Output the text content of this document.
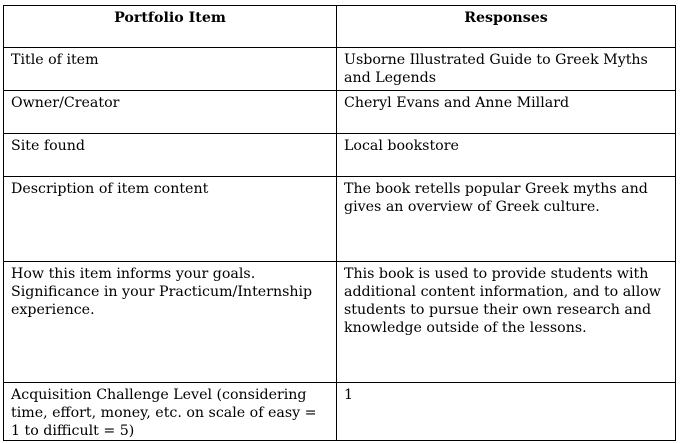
Portfolio Item	Responses
Title of item	Usborne Illustrated Guide to Greek Myths and Legends
Owner/Creator	Cheryl Evans and Anne Millard
Site found	Local bookstore
Description of item content	The book retells popular Greek myths and gives an overview of Greek culture.
How this item informs your goals. Significance in your Practicum/Internship experience.	This book is used to provide students with additional content information, and to allow students to pursue their own research and knowledge outside of the lessons.
Acquisition Challenge Level (considering time, effort, money, etc. on scale of easy = 1 to difficult = 5)	1
